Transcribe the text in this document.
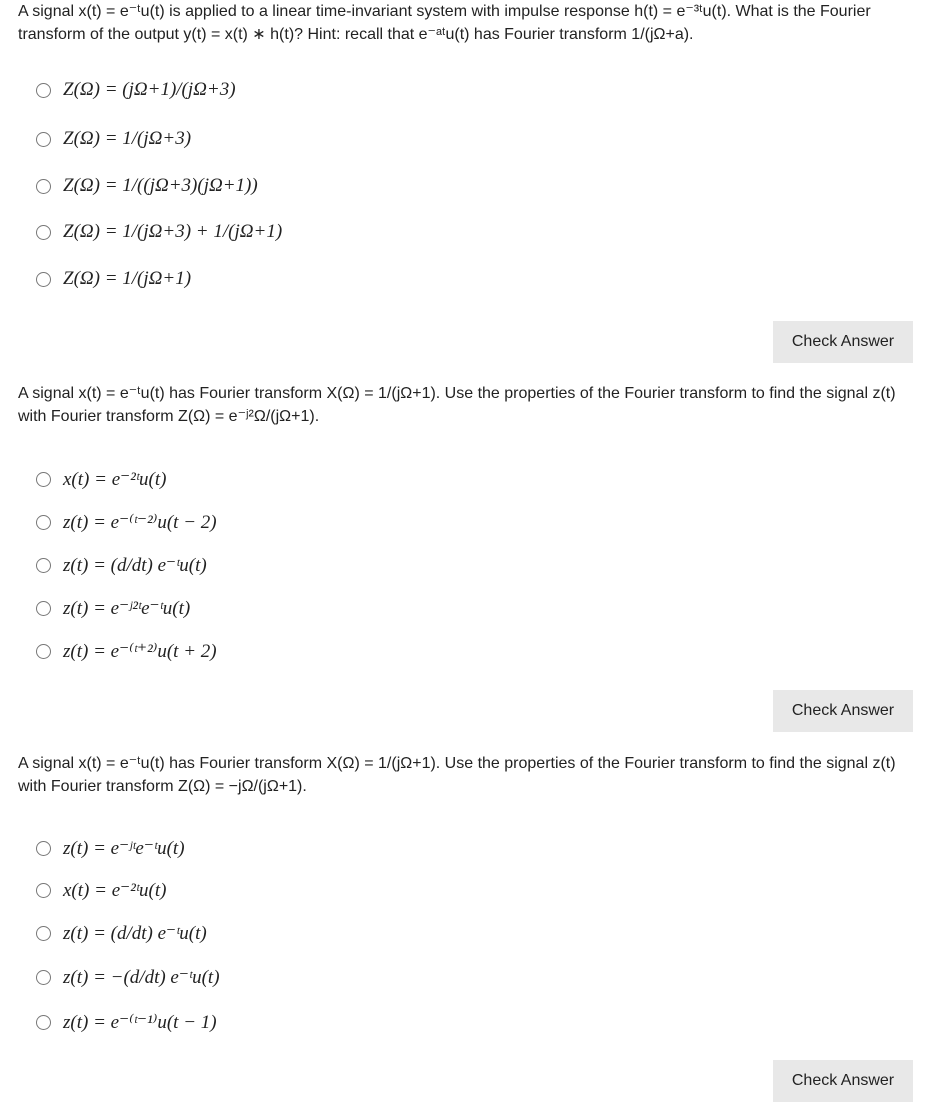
A signal x(t) = e⁻ᵗu(t) is applied to a linear time-invariant system with impulse response h(t) = e⁻³ᵗu(t). What is the Fourier transform of the output y(t) = x(t) ∗ h(t)? Hint: recall that e⁻ᵃᵗu(t) has Fourier transform 1/(jΩ+a).
Z(Ω) = (jΩ+1)/(jΩ+3)
Z(Ω) = 1/(jΩ+3)
Z(Ω) = 1/((jΩ+3)(jΩ+1))
Z(Ω) = 1/(jΩ+3) + 1/(jΩ+1)
Z(Ω) = 1/(jΩ+1)
Check Answer
A signal x(t) = e⁻ᵗu(t) has Fourier transform X(Ω) = 1/(jΩ+1). Use the properties of the Fourier transform to find the signal z(t) with Fourier transform Z(Ω) = e⁻ʲ²Ω/(jΩ+1).
x(t) = e⁻²ᵗu(t)
z(t) = e⁻⁽ᵗ⁻²⁾u(t − 2)
z(t) = (d/dt) e⁻ᵗu(t)
z(t) = e⁻ʲ²ᵗe⁻ᵗu(t)
z(t) = e⁻⁽ᵗ⁺²⁾u(t + 2)
Check Answer
A signal x(t) = e⁻ᵗu(t) has Fourier transform X(Ω) = 1/(jΩ+1). Use the properties of the Fourier transform to find the signal z(t) with Fourier transform Z(Ω) = −jΩ/(jΩ+1).
z(t) = e⁻ʲᵗe⁻ᵗu(t)
x(t) = e⁻²ᵗu(t)
z(t) = (d/dt) e⁻ᵗu(t)
z(t) = −(d/dt) e⁻ᵗu(t)
z(t) = e⁻⁽ᵗ⁻¹⁾u(t − 1)
Check Answer
